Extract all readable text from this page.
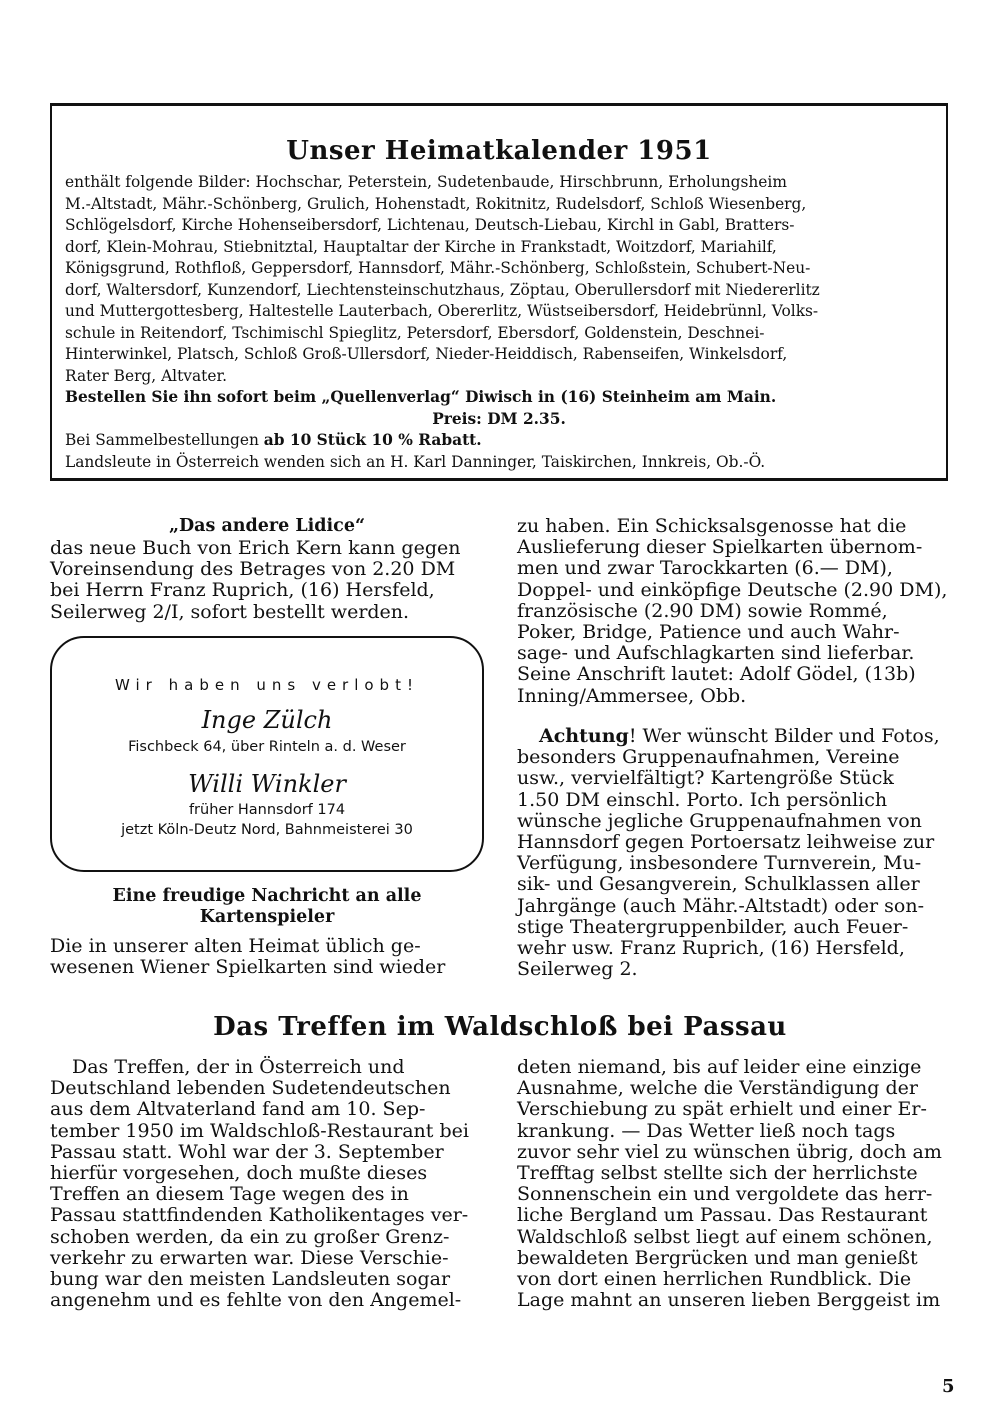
Unser Heimatkalender 1951
enthält folgende Bilder: Hochschar, Peterstein, Sudetenbaude, Hirschbrunn, Erholungsheim
M.-Altstadt, Mähr.-Schönberg, Grulich, Hohenstadt, Rokitnitz, Rudelsdorf, Schloß Wiesenberg,
Schlögelsdorf, Kirche Hohenseibersdorf, Lichtenau, Deutsch-Liebau, Kirchl in Gabl, Bratters-
dorf, Klein-Mohrau, Stiebnitztal, Hauptaltar der Kirche in Frankstadt, Woitzdorf, Mariahilf,
Königsgrund, Rothfloß, Geppersdorf, Hannsdorf, Mähr.-Schönberg, Schloßstein, Schubert-Neu-
dorf, Waltersdorf, Kunzendorf, Liechtensteinschutzhaus, Zöptau, Oberullersdorf mit Niedererlitz
und Muttergottesberg, Haltestelle Lauterbach, Obererlitz, Wüstseibersdorf, Heidebrünnl, Volks-
schule in Reitendorf, Tschimischl Spieglitz, Petersdorf, Ebersdorf, Goldenstein, Deschnei-
Hinterwinkel, Platsch, Schloß Groß-Ullersdorf, Nieder-Heiddisch, Rabenseifen, Winkelsdorf,
Rater Berg, Altvater.
Bestellen Sie ihn sofort beim „Quellenverlag“ Diwisch in (16) Steinheim am Main.
Preis: DM 2.35.
Bei Sammelbestellungen ab 10 Stück 10 % Rabatt.
Landsleute in Österreich wenden sich an H. Karl Danninger, Taiskirchen, Innkreis, Ob.-Ö.
„Das andere Lidice“

das neue Buch von Erich Kern kann gegen

Voreinsendung des Betrages von 2.20 DM

bei Herrn Franz Ruprich, (16) Hersfeld,

Seilerweg 2/I, sofort bestellt werden.

Wir haben uns verlobt!
Inge Zülch
Fischbeck 64, über Rinteln a. d. Weser
Willi Winkler
früher Hannsdorf 174
jetzt Köln-Deutz Nord, Bahnmeisterei 30
Eine freudige Nachricht an alle
Kartenspieler

Die in unserer alten Heimat üblich ge-

wesenen Wiener Spielkarten sind wieder

zu haben. Ein Schicksalsgenosse hat die

Auslieferung dieser Spielkarten übernom-

men und zwar Tarockkarten (6.— DM),

Doppel- und einköpfige Deutsche (2.90 DM),

französische (2.90 DM) sowie Rommé,

Poker, Bridge, Patience und auch Wahr-

sage- und Aufschlagkarten sind lieferbar.

Seine Anschrift lautet: Adolf Gödel, (13b)

Inning/Ammersee, Obb.

Achtung! Wer wünscht Bilder und Fotos,

besonders Gruppenaufnahmen, Vereine

usw., vervielfältigt? Kartengröße Stück

1.50 DM einschl. Porto. Ich persönlich

wünsche jegliche Gruppenaufnahmen von

Hannsdorf gegen Portoersatz leihweise zur

Verfügung, insbesondere Turnverein, Mu-

sik- und Gesangverein, Schulklassen aller

Jahrgänge (auch Mähr.-Altstadt) oder son-

stige Theatergruppenbilder, auch Feuer-

wehr usw. Franz Ruprich, (16) Hersfeld,

Seilerweg 2.

Das Treffen im Waldschloß bei Passau

Das Treffen, der in Österreich und

Deutschland lebenden Sudetendeutschen

aus dem Altvaterland fand am 10. Sep-

tember 1950 im Waldschloß-Restaurant bei

Passau statt. Wohl war der 3. September

hierfür vorgesehen, doch mußte dieses

Treffen an diesem Tage wegen des in

Passau stattfindenden Katholikentages ver-

schoben werden, da ein zu großer Grenz-

verkehr zu erwarten war. Diese Verschie-

bung war den meisten Landsleuten sogar

angenehm und es fehlte von den Angemel-

deten niemand, bis auf leider eine einzige

Ausnahme, welche die Verständigung der

Verschiebung zu spät erhielt und einer Er-

krankung. — Das Wetter ließ noch tags

zuvor sehr viel zu wünschen übrig, doch am

Trefftag selbst stellte sich der herrlichste

Sonnenschein ein und vergoldete das herr-

liche Bergland um Passau. Das Restaurant

Waldschloß selbst liegt auf einem schönen,

bewaldeten Bergrücken und man genießt

von dort einen herrlichen Rundblick. Die

Lage mahnt an unseren lieben Berggeist im

5
